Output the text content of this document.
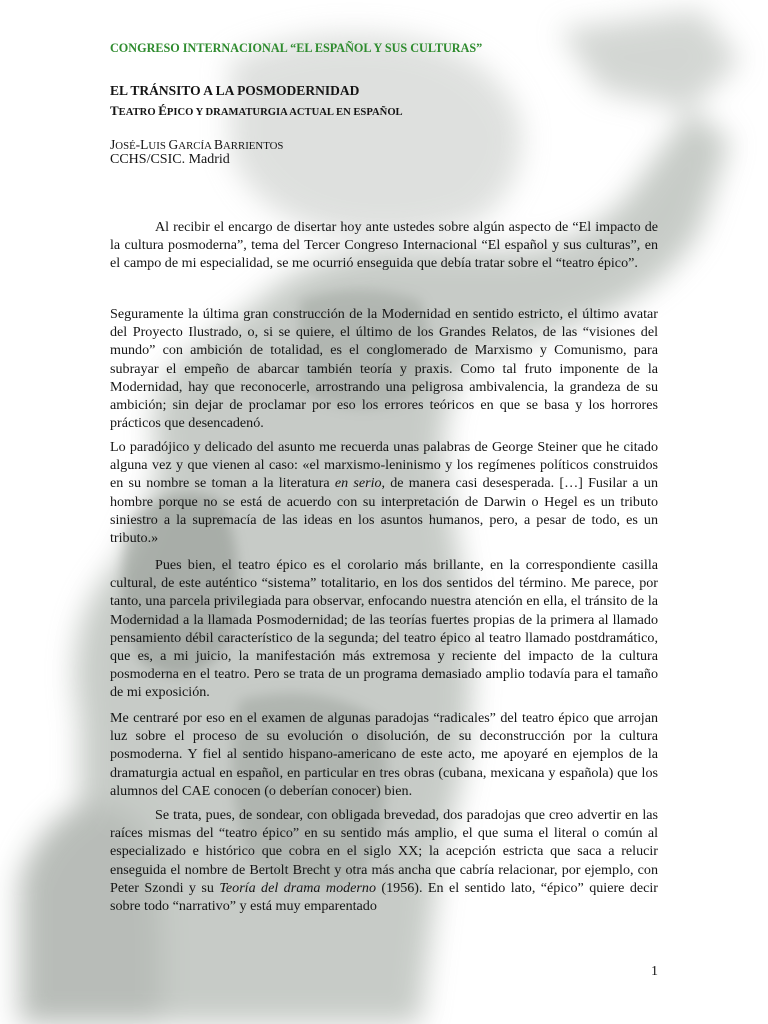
CONGRESO INTERNACIONAL “EL ESPAÑOL Y SUS CULTURAS”
EL TRÁNSITO A LA POSMODERNIDAD
TEATRO ÉPICO Y DRAMATURGIA ACTUAL EN ESPAÑOL
JOSÉ-LUIS GARCÍA BARRIENTOS
CCHS/CSIC. Madrid

Al recibir el encargo de disertar hoy ante ustedes sobre algún aspecto de “El impacto de la cultura posmoderna”, tema del Tercer Congreso Internacional “El español y sus culturas”, en el campo de mi especialidad, se me ocurrió enseguida que debía tratar sobre el “teatro épico”.

Seguramente la última gran construcción de la Modernidad en sentido estricto, el último avatar del Proyecto Ilustrado, o, si se quiere, el último de los Grandes Relatos, de las “visiones del mundo” con ambición de totalidad, es el conglomerado de Marxismo y Comunismo, para subrayar el empeño de abarcar también teoría y praxis. Como tal fruto imponente de la Modernidad, hay que reconocerle, arrostrando una peligrosa ambivalencia, la grandeza de su ambición; sin dejar de proclamar por eso los errores teóricos en que se basa y los horrores prácticos que desencadenó.

Lo paradójico y delicado del asunto me recuerda unas palabras de George Steiner que he citado alguna vez y que vienen al caso: «el marxismo-leninismo y los regímenes políticos construidos en su nombre se toman a la literatura en serio, de manera casi desesperada. […] Fusilar a un hombre porque no se está de acuerdo con su interpretación de Darwin o Hegel es un tributo siniestro a la supremacía de las ideas en los asuntos humanos, pero, a pesar de todo, es un tributo.»

Pues bien, el teatro épico es el corolario más brillante, en la correspondiente casilla cultural, de este auténtico “sistema” totalitario, en los dos sentidos del término. Me parece, por tanto, una parcela privilegiada para observar, enfocando nuestra atención en ella, el tránsito de la Modernidad a la llamada Posmodernidad; de las teorías fuertes propias de la primera al llamado pensamiento débil característico de la segunda; del teatro épico al teatro llamado postdramático, que es, a mi juicio, la manifestación más extremosa y reciente del impacto de la cultura posmoderna en el teatro. Pero se trata de un programa demasiado amplio todavía para el tamaño de mi exposición.

Me centraré por eso en el examen de algunas paradojas “radicales” del teatro épico que arrojan luz sobre el proceso de su evolución o disolución, de su deconstrucción por la cultura posmoderna. Y fiel al sentido hispano-americano de este acto, me apoyaré en ejemplos de la dramaturgia actual en español, en particular en tres obras (cubana, mexicana y española) que los alumnos del CAE conocen (o deberían conocer) bien.

Se trata, pues, de sondear, con obligada brevedad, dos paradojas que creo advertir en las raíces mismas del “teatro épico” en su sentido más amplio, el que suma el literal o común al especializado e histórico que cobra en el siglo XX; la acepción estricta que saca a relucir enseguida el nombre de Bertolt Brecht y otra más ancha que cabría relacionar, por ejemplo, con Peter Szondi y su Teoría del drama moderno (1956). En el sentido lato, “épico” quiere decir sobre todo “narrativo” y está muy emparentado

1
